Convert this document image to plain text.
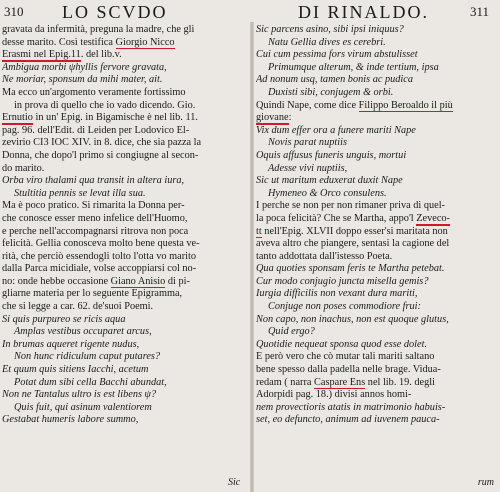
310 LO SCVDO	DI RINALDO.	311
gravata da infermità, preguna la madre, che gli
desse marito. Così testifica Giorgio Nicco
Erasmi nel Epig.11. del lib.v.
Ambigua morbi ψhyllis fervore gravata,
Ne moriar, sponsum da mihi mater, ait.
Ma ecco un'argomento veramente fortissimo
in prova di quello che io vado dicendo. Gio.
Ernutio in un' Epig. in Bigamische è nel lib. 11.
pag. 96. dell'Edit. di Leiden per Lodovico El-
zevirio CI3 IOC XIV. in 8. dice, che sia pazza la
Donna, che dopo'l primo si congiugne al secon-
do marito.
Orba viro thalami qua transit in altera iura,
Stultitia pennis se levat illa sua.
Ma è poco pratico. Si rimarita la Donna per-
che conosce esser meno infelice dell'Huomo,
e perche nell'accompagnarsi ritrova non poca
felicità. Gellia conosceva molto bene questa ve-
rità, che perciò essendogli tolto l'otta vo marito
dalla Parca micidiale, volse accoppiarsi col no-
no: onde hebbe occasione Giano Anisio di pi-
gliarne materia per lo seguente Epigramma,
che si legge a car. 62. de'suoi Poemi.
Si quis purpureo se ricis aqua
Amplas vestibus occuparet arcus,
In brumas aqueret rigente nudus,
Non hunc ridiculum caput putares?
Et quum quis sitiens Iacchi, acetum
Potat dum sibi cella Bacchi abundat,
Non ne Tantalus ultro is est libens ψ?
Quis fuit, qui asinum valentiorem
Gestabat humeris labore summo,
Sic
Sic parcens asino, sibi ipsi iniquus?
Natu Gellia dives es cerebri.
Cui cum pessima fors virum abstulisset
Primumque alterum, & inde tertium, ipsa
Ad nonum usq, tamen bonis ac pudica
Duxisti sibi, conjugem & orbi.
Quindi Nape, come dice Filippo Beroaldo il più
giovane:
Vix dum effer ora a funere mariti Nape
Novis parat nuptiis
Oquis affusus funeris unguis, mortui
Adesse vivi nuptiis,
Sic ut maritum eduxerat duxit Nape
Hymeneo & Orco consulens.
I perche se non per non rimaner priva di quel-
la poca felicità? Che se Martha, appo'l Zeveco-
tt nell'Epig. XLVII doppo esser'si maritata non
aveva altro che piangere, sentasi la cagione del
tanto addottata dall'istesso Poeta.
Qua quoties sponsam feris te Martha petebat.
Cur modo conjugio juncta misella gemis?
Iurgia difficilis non vexant dura mariti,
Conjuge non poses commodiore frui:
Non capo, non inachus, non est quoque glutus,
Quid ergo?
Quotidie nequeat sponsa quod esse dolet.
E però vero che cò mutar tali mariti saltano
bene spesso dalla padella nelle brage. Vidua-
redam ( narra Caspare Ens nel lib. 19. degli
Adorpidi pag. 18.) divisi annos homi-
nem provectioris atatis in matrimonio habuis-
set, eo defuncto, animum ad iuvenem pauca-
rum
